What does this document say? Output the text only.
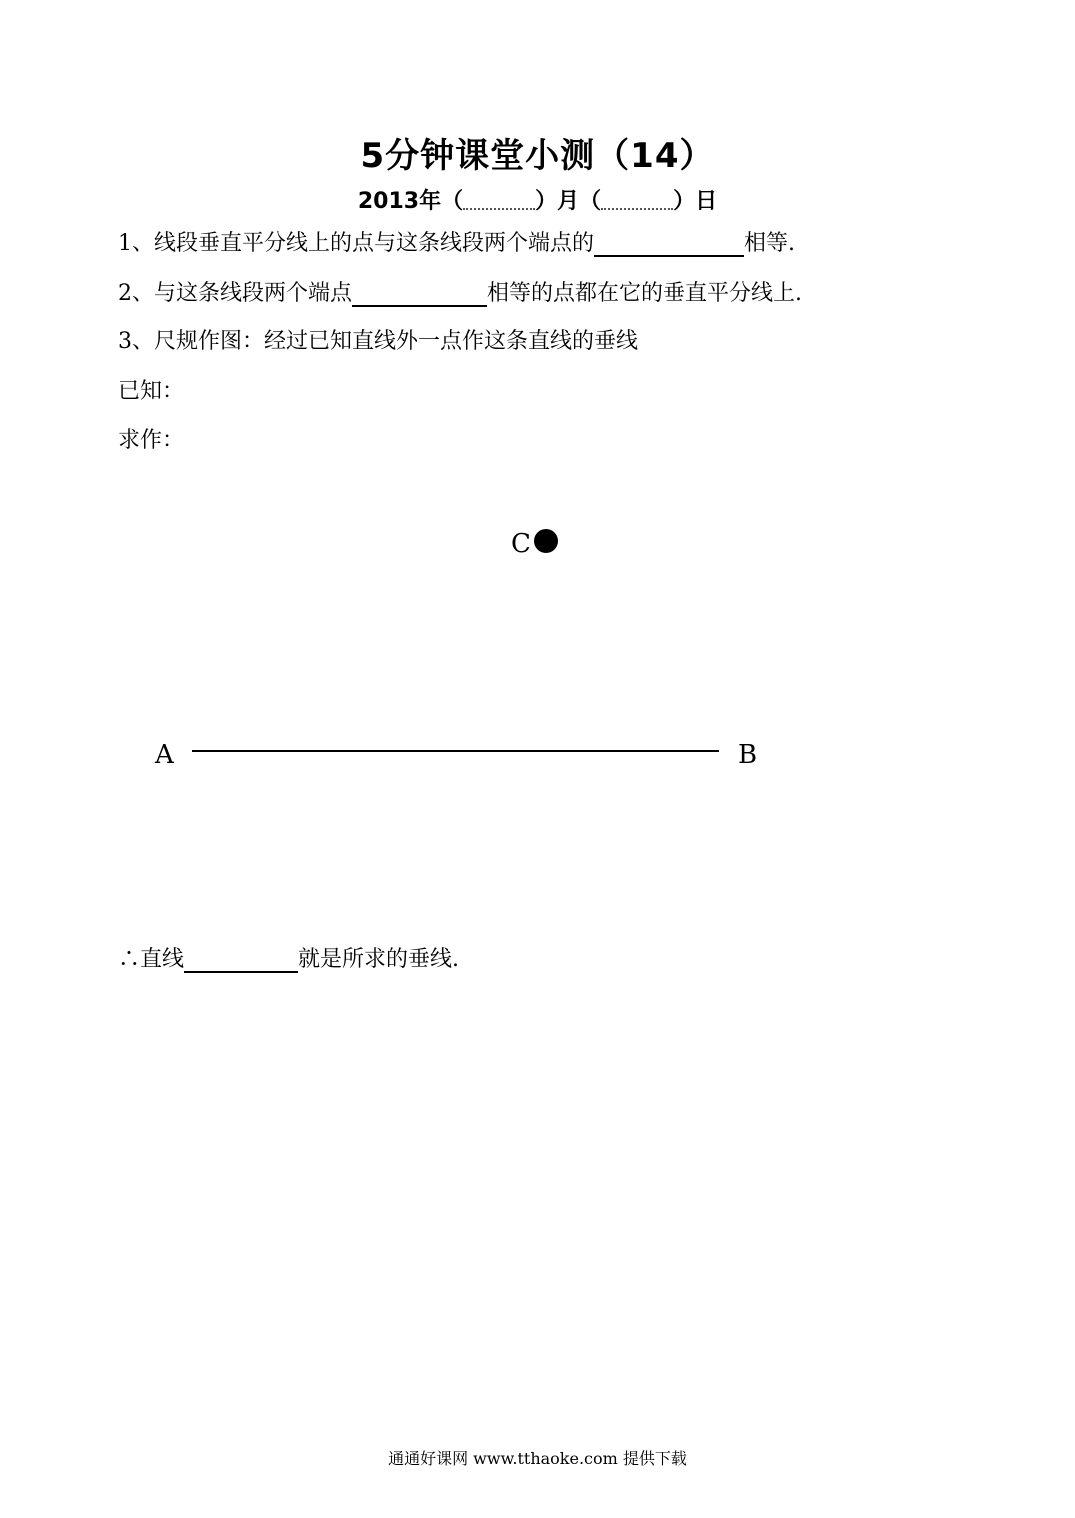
5分钟课堂小测（14）
2013年（	）月（	）日
1、线段垂直平分线上的点与这条线段两个端点的	相等.
2、与这条线段两个端点	相等的点都在它的垂直平分线上.
3、尺规作图：经过已知直线外一点作这条直线的垂线
已知：
求作：
C
A	B
∴直线	就是所求的垂线.
通通好课网 www.tthaoke.com 提供下载
